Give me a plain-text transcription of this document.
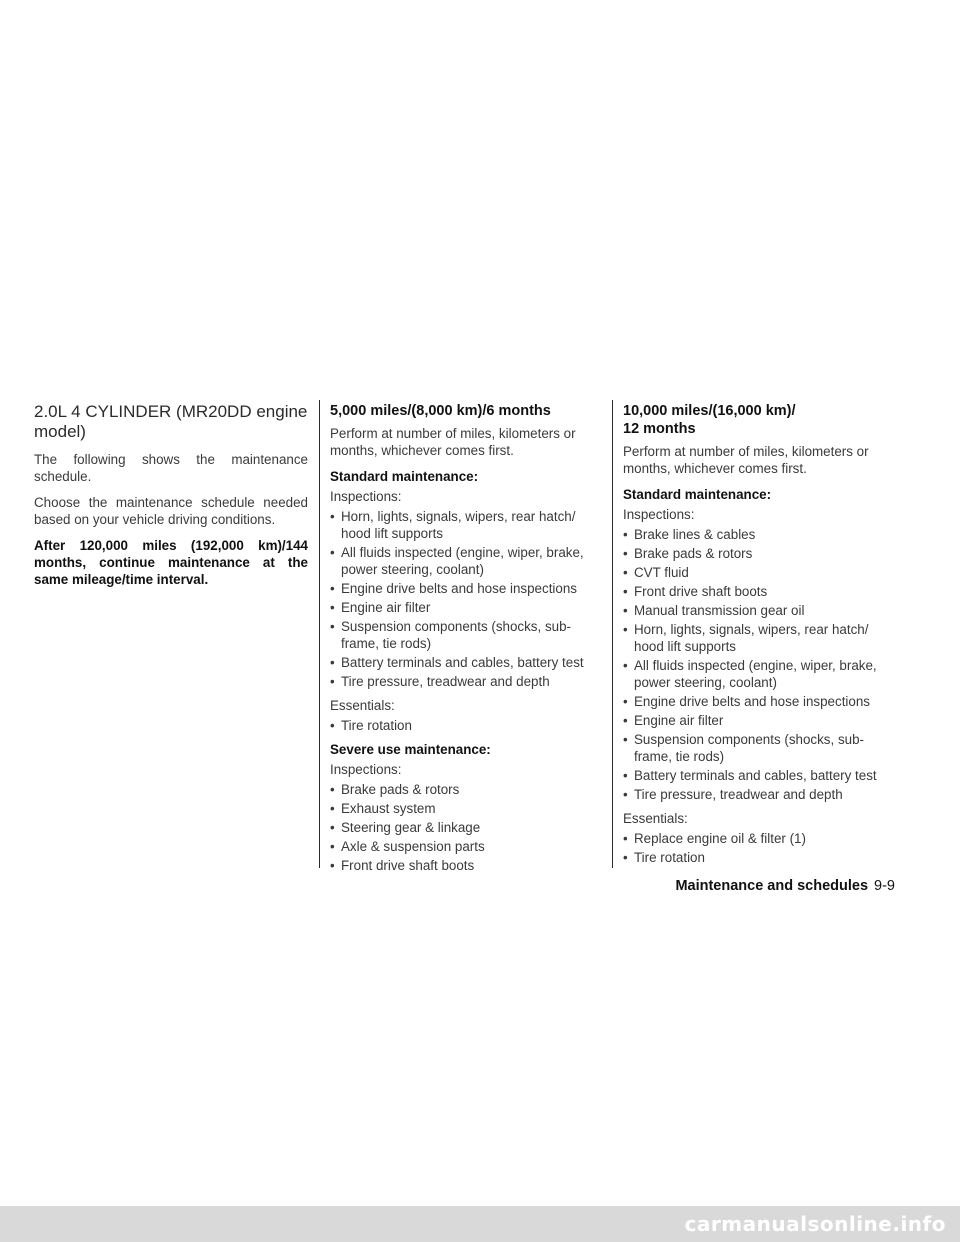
2.0L 4 CYLINDER (MR20DD engine model)

The following shows the maintenance schedule.

Choose the maintenance schedule needed based on your vehicle driving conditions.

After 120,000 miles (192,000 km)/144 months, continue maintenance at the same mileage/time interval.

5,000 miles/(8,000 km)/6 months

Perform at number of miles, kilometers or months, whichever comes first.

Standard maintenance:

Inspections:

• Horn, lights, signals, wipers, rear hatch/ hood lift supports
• All fluids inspected (engine, wiper, brake, power steering, coolant)
• Engine drive belts and hose inspections
• Engine air filter
• Suspension components (shocks, sub-frame, tie rods)
• Battery terminals and cables, battery test
• Tire pressure, treadwear and depth

Essentials:

• Tire rotation

Severe use maintenance:

Inspections:

• Brake pads & rotors
• Exhaust system
• Steering gear & linkage
• Axle & suspension parts
• Front drive shaft boots
10,000 miles/(16,000 km)/
12 months

Perform at number of miles, kilometers or months, whichever comes first.

Standard maintenance:

Inspections:

• Brake lines & cables
• Brake pads & rotors
• CVT fluid
• Front drive shaft boots
• Manual transmission gear oil
• Horn, lights, signals, wipers, rear hatch/ hood lift supports
• All fluids inspected (engine, wiper, brake, power steering, coolant)
• Engine drive belts and hose inspections
• Engine air filter
• Suspension components (shocks, sub-frame, tie rods)
• Battery terminals and cables, battery test
• Tire pressure, treadwear and depth

Essentials:

• Replace engine oil & filter (1)
• Tire rotation
Maintenance and schedules 9-9
carmanualsonline.info
